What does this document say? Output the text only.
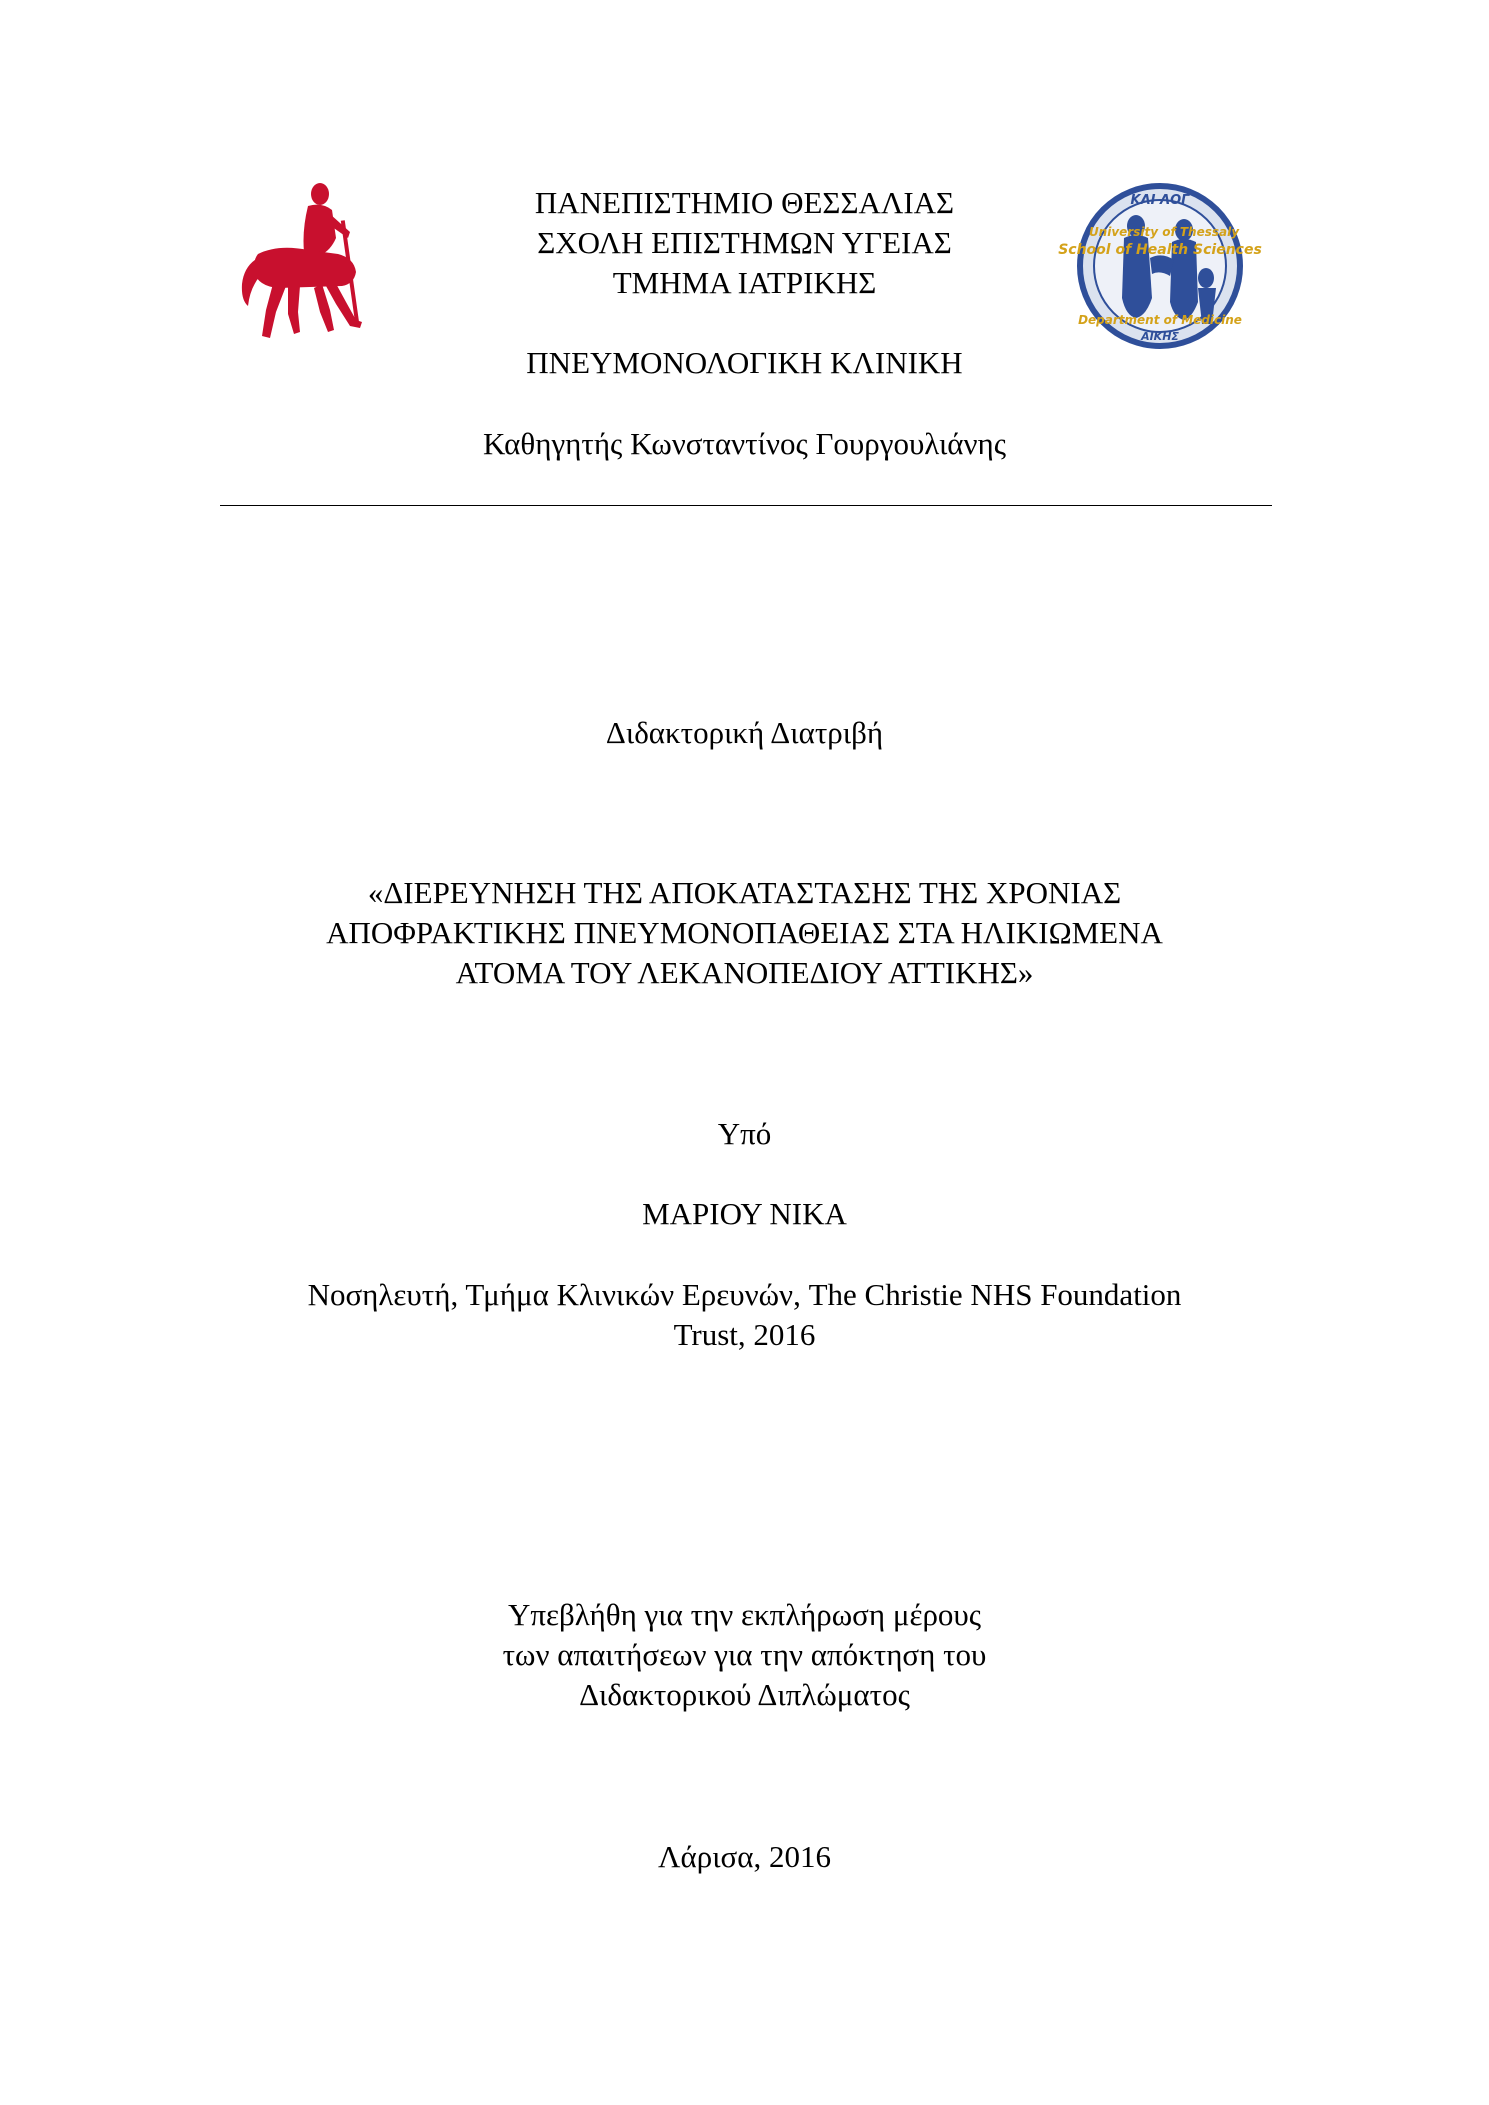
ΚΑΙ ΛΟΓ
ΑΙΚΗΣ
University of Thessaly
School of Health Sciences
Department of Medicine
ΠΑΝΕΠΙΣΤΗΜΙΟ ΘΕΣΣΑΛΙΑΣ
ΣΧΟΛΗ ΕΠΙΣΤΗΜΩΝ ΥΓΕΙΑΣ
ΤΜΗΜΑ ΙΑΤΡΙΚΗΣ
ΠΝΕΥΜΟΝΟΛΟΓΙΚΗ ΚΛΙΝΙΚΗ
Καθηγητής Κωνσταντίνος Γουργουλιάνης
Διδακτορική Διατριβή
«ΔΙΕΡΕΥΝΗΣΗ ΤΗΣ ΑΠΟΚΑΤΑΣΤΑΣΗΣ ΤΗΣ ΧΡΟΝΙΑΣ
ΑΠΟΦΡΑΚΤΙΚΗΣ ΠΝΕΥΜΟΝΟΠΑΘΕΙΑΣ ΣΤΑ ΗΛΙΚΙΩΜΕΝΑ
ΑΤΟΜΑ ΤΟΥ ΛΕΚΑΝΟΠΕΔΙΟΥ ΑΤΤΙΚΗΣ»
Υπό
ΜΑΡΙΟΥ ΝΙΚΑ
Νοσηλευτή, Τμήμα Κλινικών Ερευνών, The Christie NHS Foundation
Trust, 2016
Υπεβλήθη για την εκπλήρωση μέρους
των απαιτήσεων για την απόκτηση του
Διδακτορικού Διπλώματος
Λάρισα, 2016
